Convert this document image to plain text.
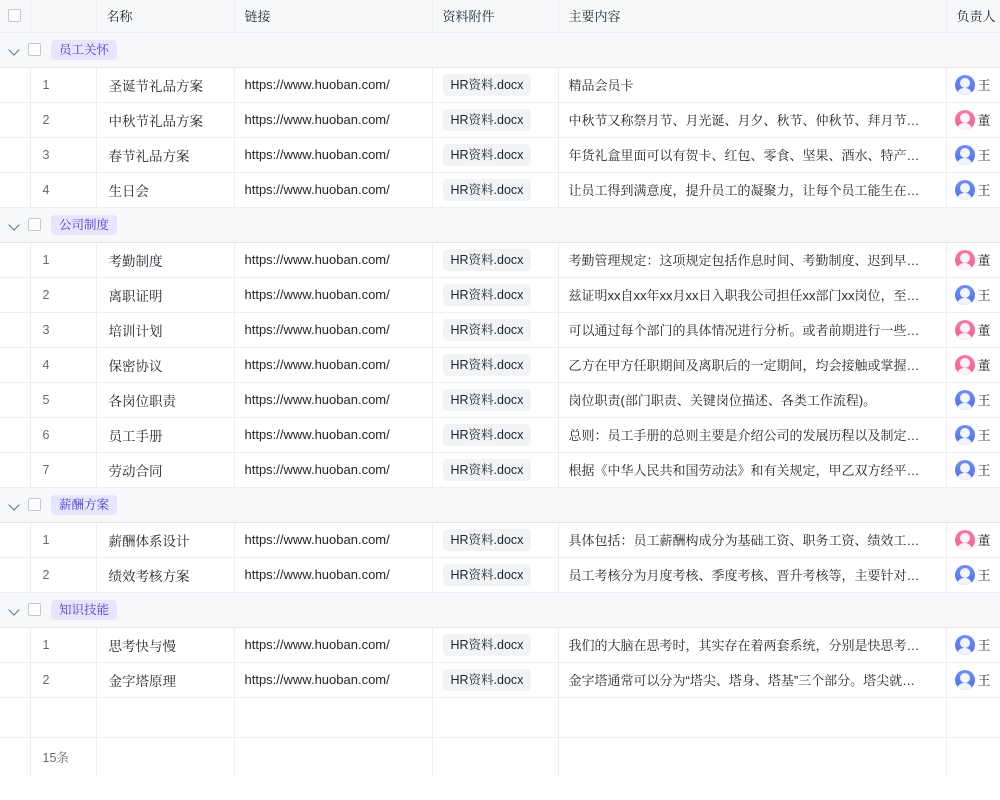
		名称	链接	资料附件	主要内容	负责人

员工关怀						

	1	圣诞节礼品方案	https://www.huoban.com/	HR资料.docx	精品会员卡	王

	2	中秋节礼品方案	https://www.huoban.com/	HR资料.docx	中秋节又称祭月节、月光诞、月夕、秋节、仲秋节、拜月节…	董

	3	春节礼品方案	https://www.huoban.com/	HR资料.docx	年货礼盒里面可以有贺卡、红包、零食、坚果、酒水、特产…	王

	4	生日会	https://www.huoban.com/	HR资料.docx	让员工得到满意度，提升员工的凝聚力，让每个员工能生在…	王

公司制度						

	1	考勤制度	https://www.huoban.com/	HR资料.docx	考勤管理规定：这项规定包括作息时间、考勤制度、迟到早…	董

	2	离职证明	https://www.huoban.com/	HR资料.docx	兹证明xx自xx年xx月xx日入职我公司担任xx部门xx岗位，至…	王

	3	培训计划	https://www.huoban.com/	HR资料.docx	可以通过每个部门的具体情况进行分析。或者前期进行一些…	董

	4	保密协议	https://www.huoban.com/	HR资料.docx	乙方在甲方任职期间及离职后的一定期间，均会接触或掌握…	董

	5	各岗位职责	https://www.huoban.com/	HR资料.docx	岗位职责(部门职责、关键岗位描述、各类工作流程)。	王

	6	员工手册	https://www.huoban.com/	HR资料.docx	总则：员工手册的总则主要是介绍公司的发展历程以及制定…	王

	7	劳动合同	https://www.huoban.com/	HR资料.docx	根据《中华人民共和国劳动法》和有关规定，甲乙双方经平…	王

薪酬方案						

	1	薪酬体系设计	https://www.huoban.com/	HR资料.docx	具体包括：员工薪酬构成分为基础工资、职务工资、绩效工…	董

	2	绩效考核方案	https://www.huoban.com/	HR资料.docx	员工考核分为月度考核、季度考核、晋升考核等，主要针对…	王

知识技能						

	1	思考快与慢	https://www.huoban.com/	HR资料.docx	我们的大脑在思考时，其实存在着两套系统，分别是快思考…	王

	2	金字塔原理	https://www.huoban.com/	HR资料.docx	金字塔通常可以分为“塔尖、塔身、塔基”三个部分。塔尖就…	王

	15条					
